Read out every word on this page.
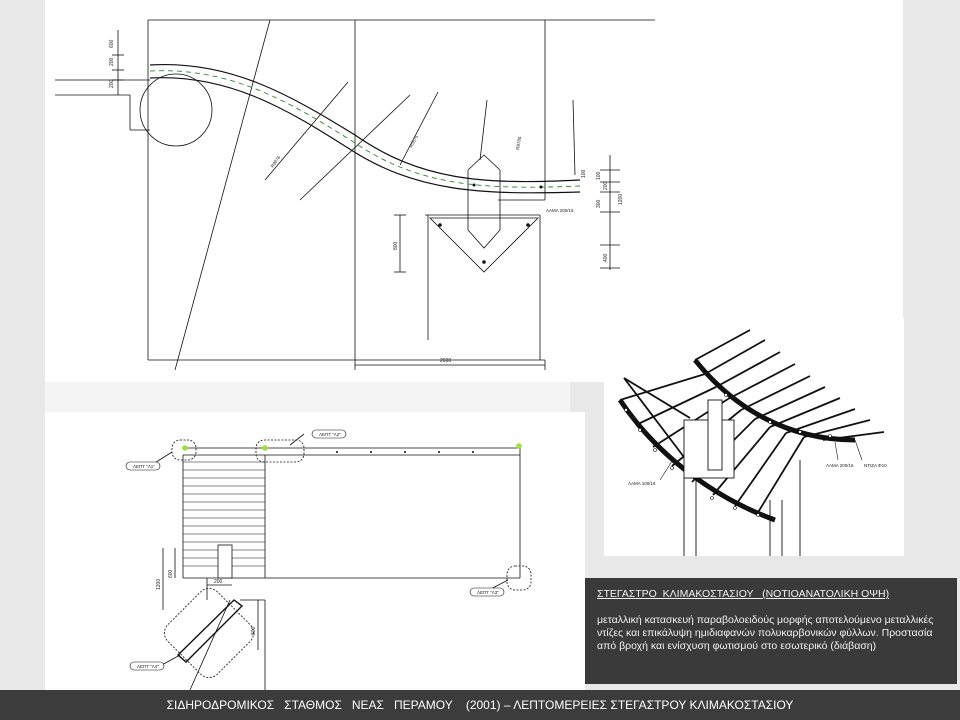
600
200
200
800
2600
100
100
300
200
1200
400
R9876
R3575	R8785
ΛΑΜΑ 200/16
ΛΕΠΤ "Λ1"
ΛΕΠΤ "Λ2"
ΛΕΠΤ "Λ3"
ΛΕΠΤ "Λ4"
1200
600
200
800
ΛΑΜΑ 100/16
ΛΑΜΑ 200/16 ΝΤΙΖΑ Φ10
ΣΤΕΓΑΣΤΡΟ  ΚΛΙΜΑΚΟΣΤΑΣΙΟΥ   (ΝΟΤΙΟΑΝΑΤΟΛΙΚΗ ΟΨΗ)
μεταλλική κατασκευή παραβολοειδούς μορφής αποτελούμενο μεταλλικές ντίζες και επικάλυψη ημιδιαφανών πολυκαρβονικών φύλλων. Προστασία από βροχή και ενίσχυση φωτισμού στο εσωτερικό (διάβαση)
ΣΙΔΗΡΟΔΡΟΜΙΚΟΣ   ΣΤΑΘΜΟΣ   ΝΕΑΣ   ΠΕΡΑΜΟΥ    (2001) – ΛΕΠΤΟΜΕΡΕΙΕΣ ΣΤΕΓΑΣΤΡΟΥ ΚΛΙΜΑΚΟΣΤΑΣΙΟΥ
